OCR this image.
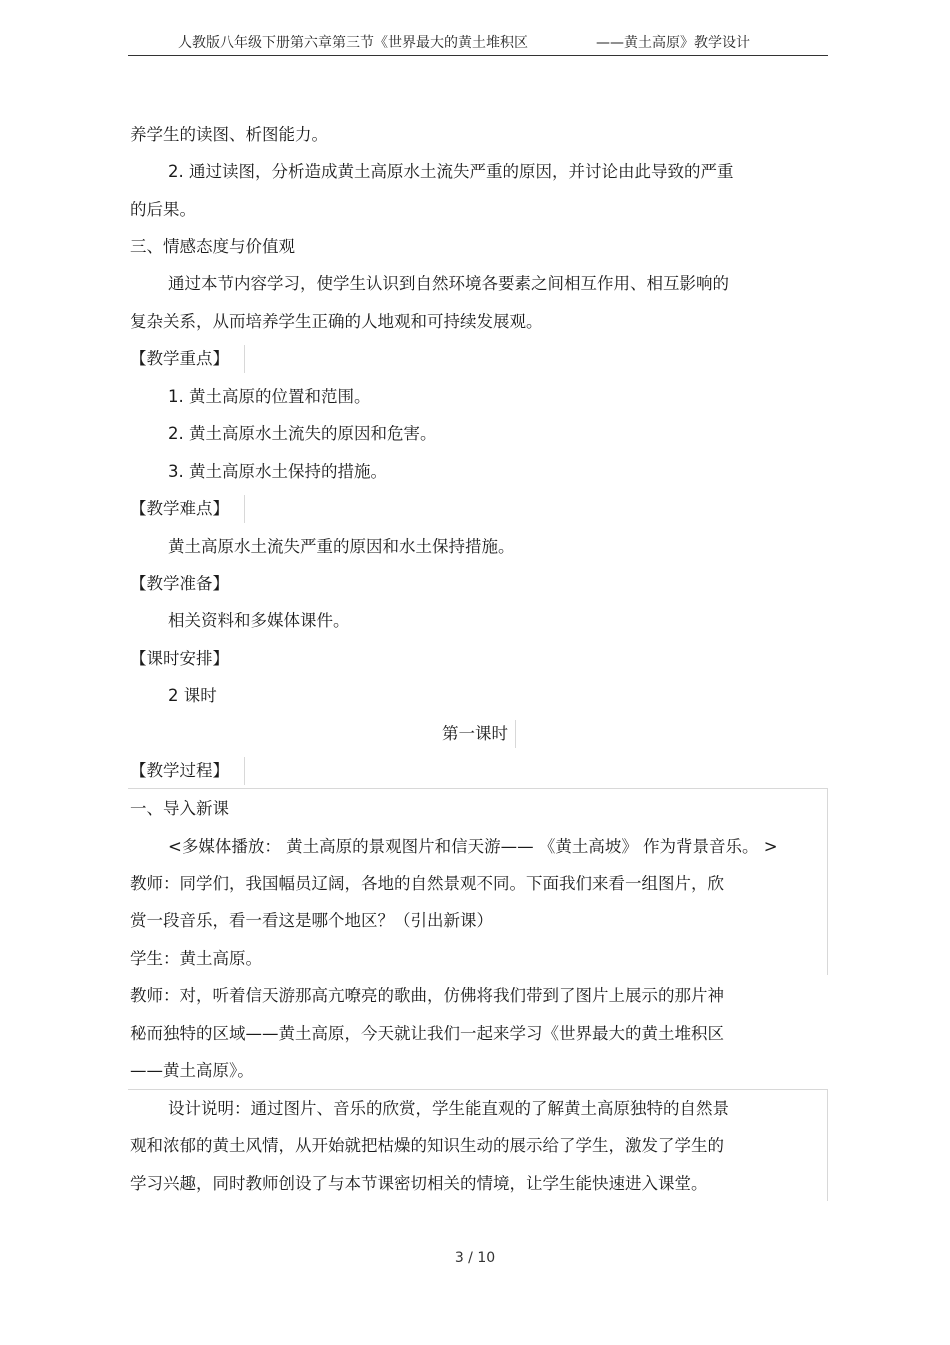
人教版八年级下册第六章第三节《世界最大的黄土堆积区	——黄土高原》教学设计
养学生的读图、析图能力。
2. 通过读图，分析造成黄土高原水土流失严重的原因，并讨论由此导致的严重
的后果。
三、情感态度与价值观
通过本节内容学习，使学生认识到自然环境各要素之间相互作用、相互影响的
复杂关系，从而培养学生正确的人地观和可持续发展观。
【教学重点】
1. 黄土高原的位置和范围。
2. 黄土高原水土流失的原因和危害。
3. 黄土高原水土保持的措施。
【教学难点】
黄土高原水土流失严重的原因和水土保持措施。
【教学准备】
相关资料和多媒体课件。
【课时安排】
2 课时
第一课时
【教学过程】
一、导入新课
<多媒体播放： 黄土高原的景观图片和信天游—— 《黄土高坡》 作为背景音乐。 >
教师：同学们，我国幅员辽阔，各地的自然景观不同。下面我们来看一组图片，欣
赏一段音乐，看一看这是哪个地区？（引出新课）
学生：黄土高原。
教师：对，听着信天游那高亢嘹亮的歌曲，仿佛将我们带到了图片上展示的那片神
秘而独特的区域——黄土高原，今天就让我们一起来学习《世界最大的黄土堆积区
——黄土高原》。
设计说明：通过图片、音乐的欣赏，学生能直观的了解黄土高原独特的自然景
观和浓郁的黄土风情，从开始就把枯燥的知识生动的展示给了学生，激发了学生的
学习兴趣，同时教师创设了与本节课密切相关的情境，让学生能快速进入课堂。
3 / 10
